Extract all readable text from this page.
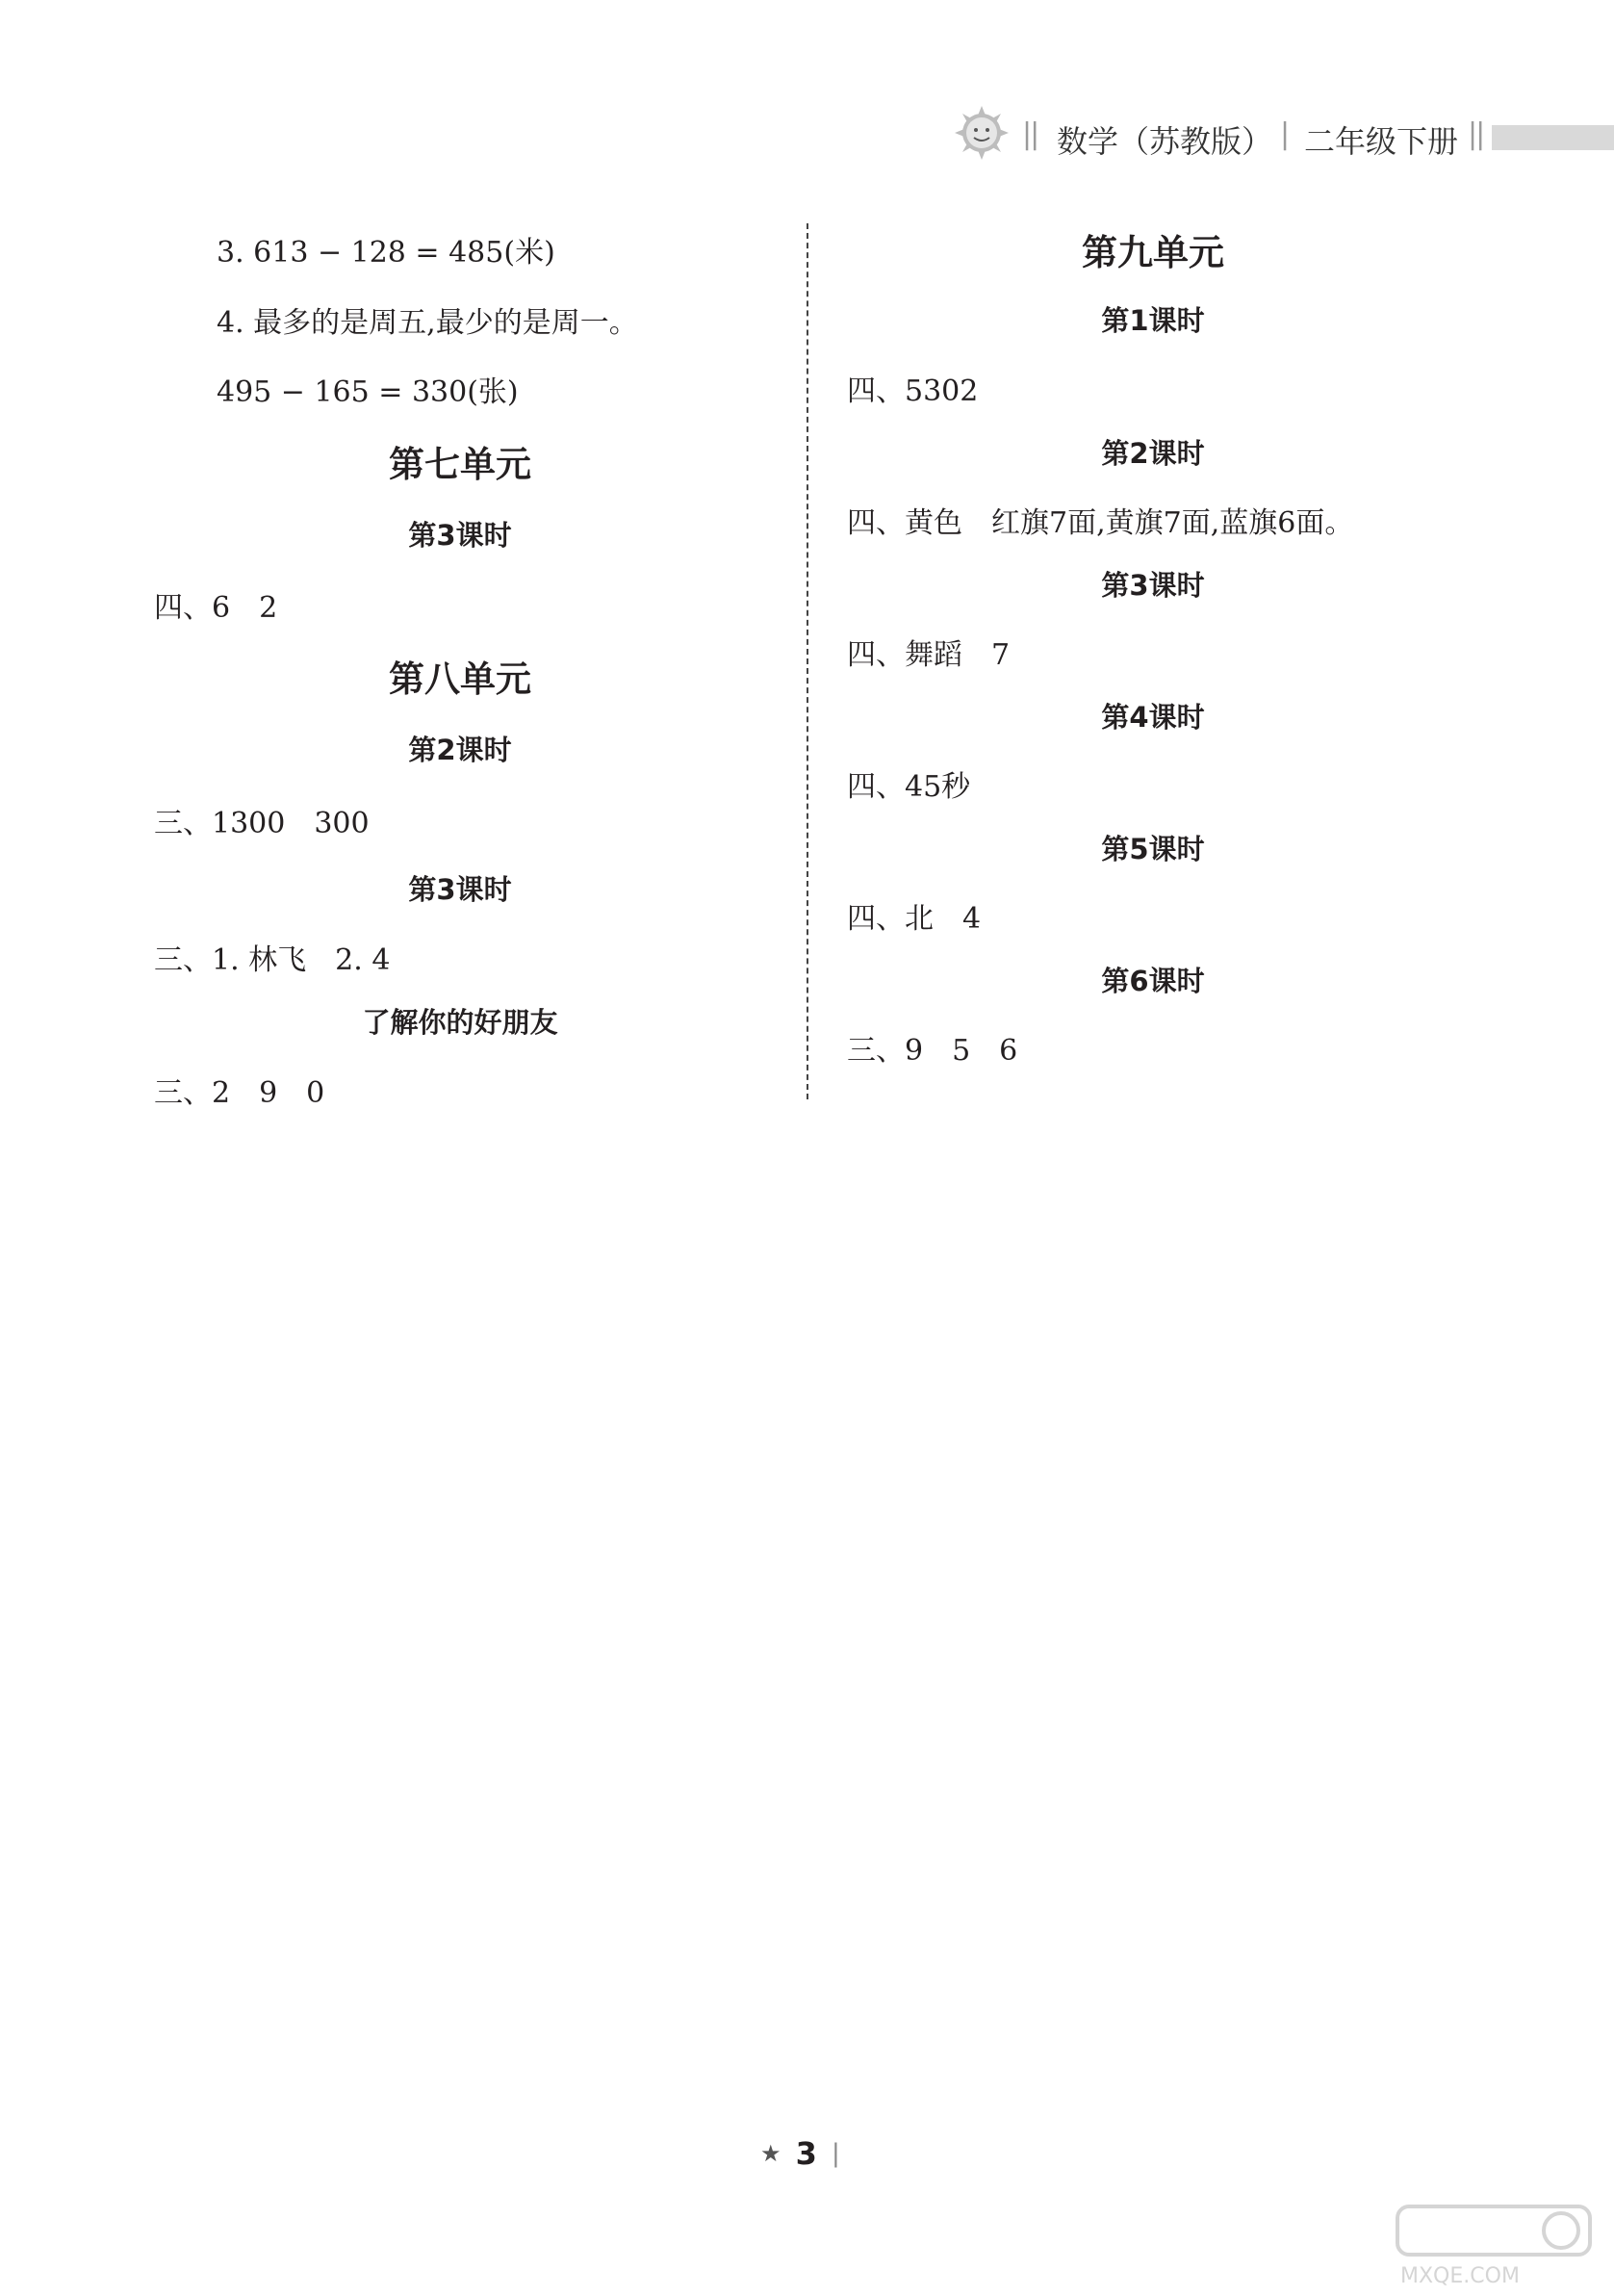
|| 数学（苏教版） | 二年级下册 ||
3. 613 − 128 = 485(米)
4. 最多的是周五,最少的是周一。
495 − 165 = 330(张)
第七单元
第3课时
四、6　2
第八单元
第2课时
三、1300　300
第3课时
三、1. 林飞　2. 4
了解你的好朋友
三、2　9　0
第九单元
第1课时
四、5302
第2课时
四、黄色　红旗7面,黄旗7面,蓝旗6面。
第3课时
四、舞蹈　7
第4课时
四、45秒
第5课时
四、北　4
第6课时
三、9　5　6
★ 3 |
MXQE.COM
